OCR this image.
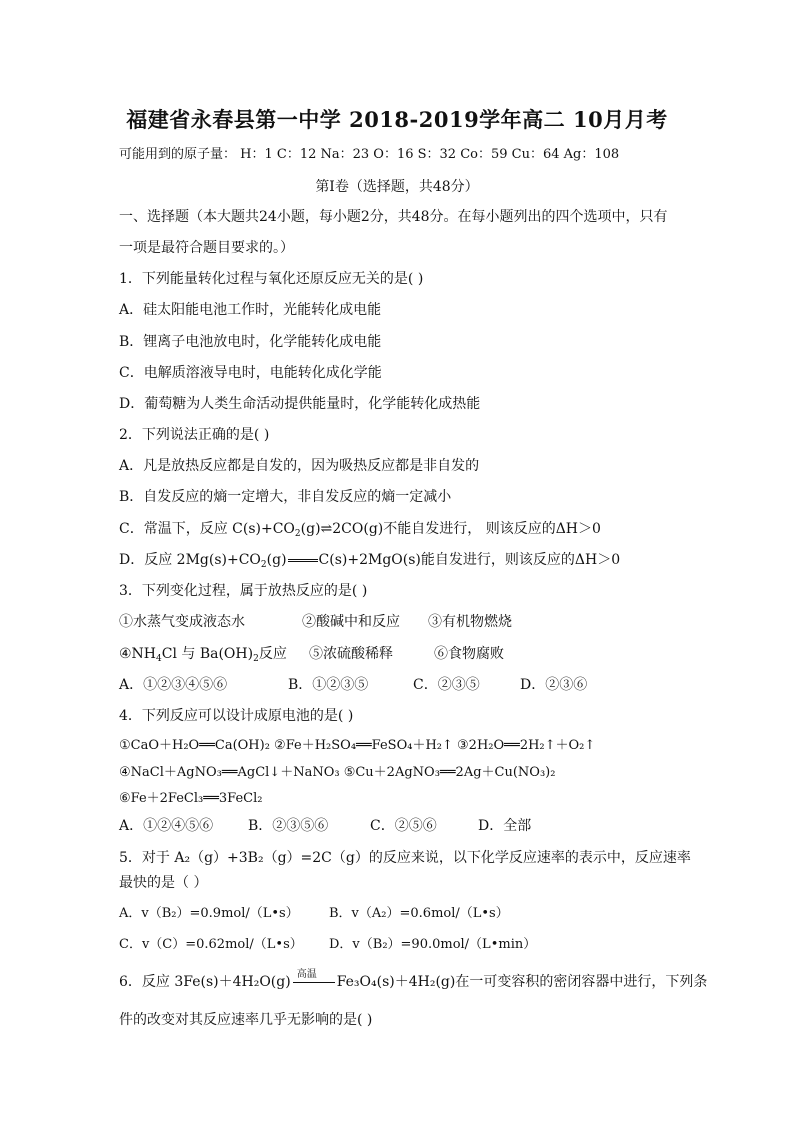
福建省永春县第一中学 2018-2019学年高二 10月月考
可能用到的原子量： H：1 C：12 Na：23 O：16 S：32 Co：59 Cu：64 Ag：108
第Ⅰ卷（选择题，共48分）
一、选择题（本大题共24小题，每小题2分，共48分。在每小题列出的四个选项中，只有
一项是最符合题目要求的。）
1．下列能量转化过程与氧化还原反应无关的是( )
A．硅太阳能电池工作时，光能转化成电能
B．锂离子电池放电时，化学能转化成电能
C．电解质溶液导电时，电能转化成化学能
D．葡萄糖为人类生命活动提供能量时，化学能转化成热能
2．下列说法正确的是( )
A．凡是放热反应都是自发的，因为吸热反应都是非自发的
B．自发反应的熵一定增大，非自发反应的熵一定减小
C．常温下，反应 $C(s)+CO_2(g)\rightleftharpoons 2CO(g)$不能自发进行， 则该反应的ΔH＞0
D．反应 $2Mg(s)+CO_2(g)$ C(s)+2MgO(s)能自发进行，则该反应的ΔH＞0
3．下列变化过程，属于放热反应的是( )
①水蒸气变成液态水	②酸碱中和反应 ③有机物燃烧
$④NH_4Cl$ 与 $Ba(OH)_2$反应 ⑤浓硫酸稀释	⑥食物腐败
A．①②③④⑤⑥	B．①②③⑤	C．②③⑤	D．②③⑥
4．下列反应可以设计成原电池的是( )
①CaO＋H₂O══Ca(OH)₂ ②Fe＋H₂SO₄══FeSO₄＋H₂↑ ③2H₂O══2H₂↑＋O₂↑
④NaCl＋AgNO₃══AgCl↓＋NaNO₃ ⑤Cu＋2AgNO₃══2Ag＋Cu(NO₃)₂
⑥Fe＋2FeCl₃══3FeCl₂
A．①②④⑤⑥ B．②③⑤⑥	C．②⑤⑥	D．全部
5．对于 A₂（g）+3B₂（g）=2C（g）的反应来说，以下化学反应速率的表示中，反应速率
最快的是（ ）
A．v（B₂）=0.9mol/（L•s） B．v（A₂）=0.6mol/（L•s）
C．v（C）=0.62mol/（L•s） D．v（B₂）=90.0mol/（L•min）
6．反应 3Fe(s)＋4H₂O(g) 高温 Fe₃O₄(s)＋4H₂(g)在一可变容积的密闭容器中进行，下列条
件的改变对其反应速率几乎无影响的是( )
